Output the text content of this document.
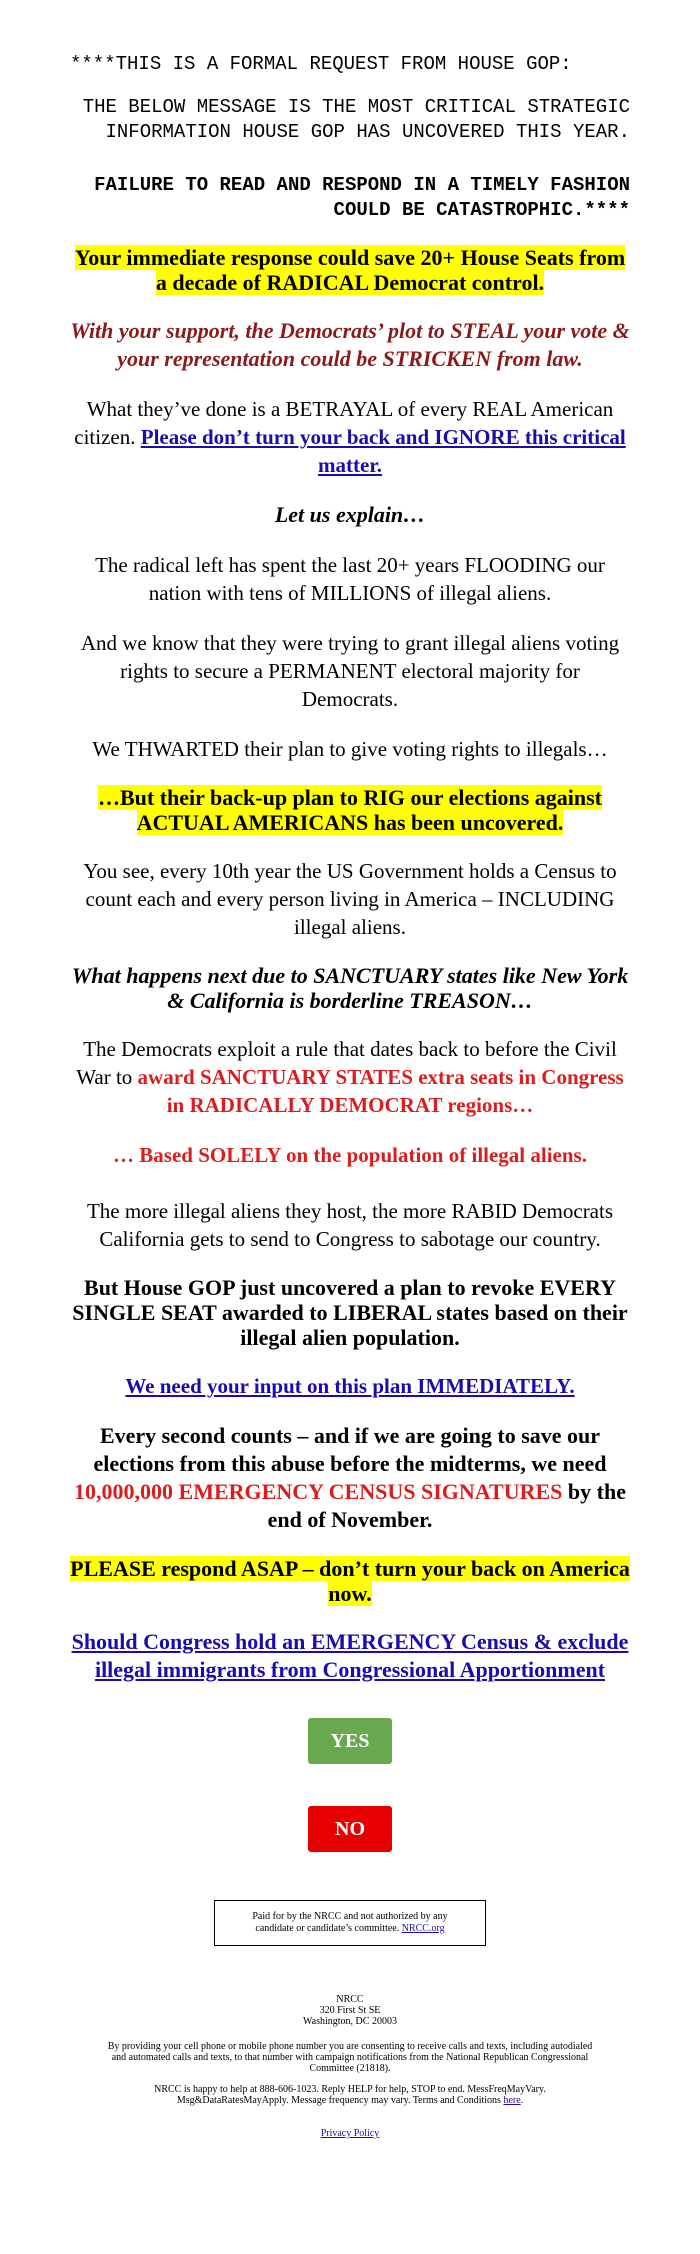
****THIS IS A FORMAL REQUEST FROM HOUSE GOP:

THE BELOW MESSAGE IS THE MOST CRITICAL STRATEGIC INFORMATION HOUSE GOP HAS UNCOVERED THIS YEAR.

FAILURE TO READ AND RESPOND IN A TIMELY FASHION COULD BE CATASTROPHIC.****

Your immediate response could save 20+ House Seats from a decade of RADICAL Democrat control.

With your support, the Democrats’ plot to STEAL your vote & your representation could be STRICKEN from law.

What they’ve done is a BETRAYAL of every REAL American citizen. Please don’t turn your back and IGNORE this critical matter.

Let us explain…

The radical left has spent the last 20+ years FLOODING our nation with tens of MILLIONS of illegal aliens.

And we know that they were trying to grant illegal aliens voting rights to secure a PERMANENT electoral majority for Democrats.

We THWARTED their plan to give voting rights to illegals…

…But their back-up plan to RIG our elections against ACTUAL AMERICANS has been uncovered.

You see, every 10th year the US Government holds a Census to count each and every person living in America – INCLUDING illegal aliens.

What happens next due to SANCTUARY states like New York & California is borderline TREASON…

The Democrats exploit a rule that dates back to before the Civil War to award SANCTUARY STATES extra seats in Congress in RADICALLY DEMOCRAT regions…

… Based SOLELY on the population of illegal aliens.

The more illegal aliens they host, the more RABID Democrats California gets to send to Congress to sabotage our country.

But House GOP just uncovered a plan to revoke EVERY SINGLE SEAT awarded to LIBERAL states based on their illegal alien population.

We need your input on this plan IMMEDIATELY.

Every second counts – and if we are going to save our elections from this abuse before the midterms, we need 10,000,000 EMERGENCY CENSUS SIGNATURES by the end of November.

PLEASE respond ASAP – don’t turn your back on America now.

Should Congress hold an EMERGENCY Census & exclude illegal immigrants from Congressional Apportionment

YES
NO
Paid for by the NRCC and not authorized by any candidate or candidate’s committee. NRCC.org
NRCC
320 First St SE
Washington, DC 20003
By providing your cell phone or mobile phone number you are consenting to receive calls and texts, including autodialed and automated calls and texts, to that number with campaign notifications from the National Republican Congressional Committee (21818).
NRCC is happy to help at 888-606-1023. Reply HELP for help, STOP to end. MessFreqMayVary. Msg&DataRatesMayApply. Message frequency may vary. Terms and Conditions here.
Privacy Policy
